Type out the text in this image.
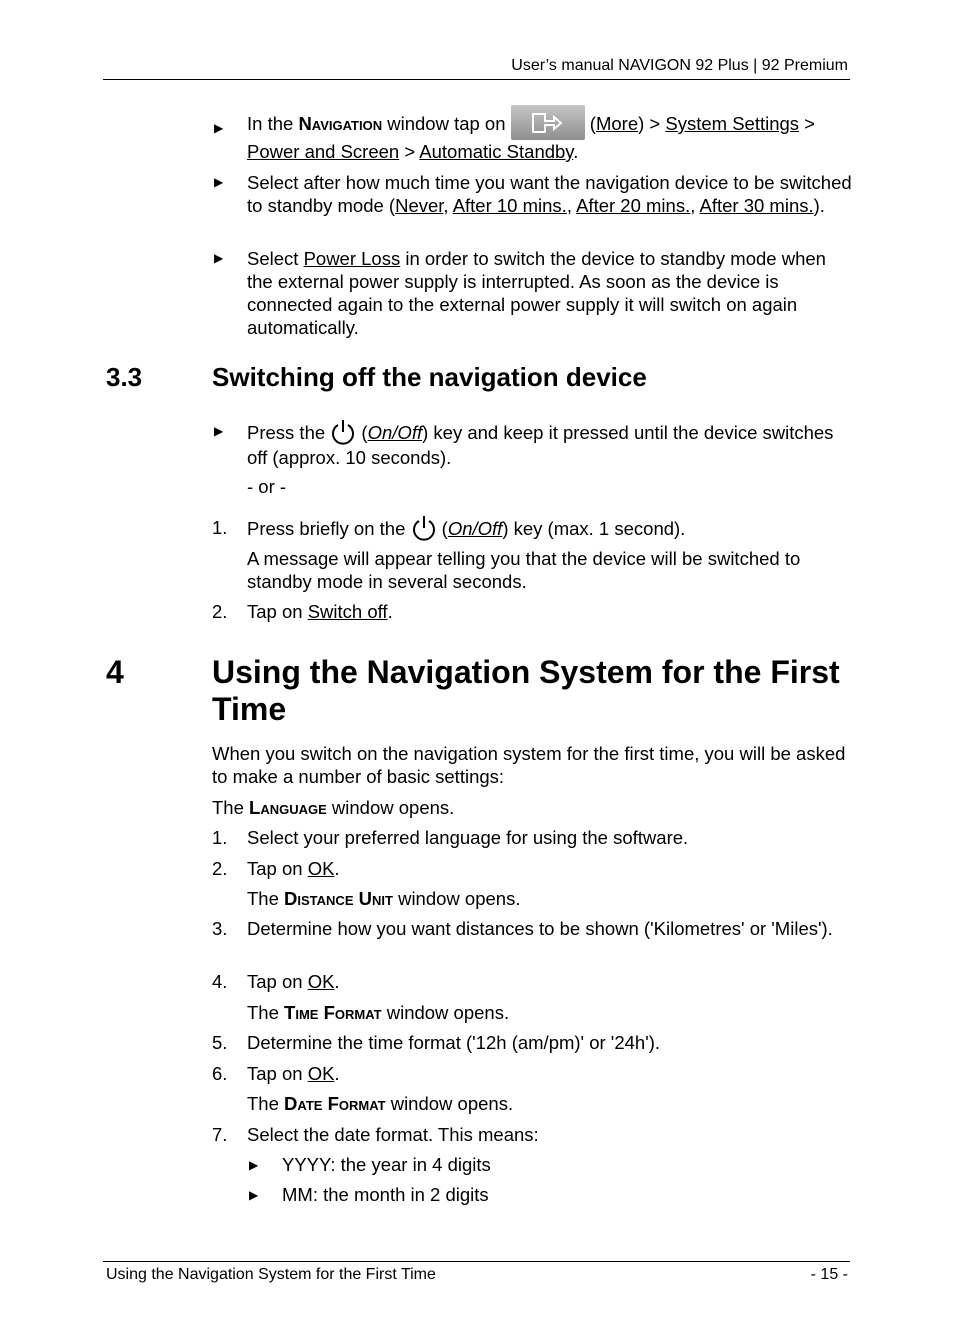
User’s manual NAVIGON 92 Plus | 92 Premium
▶ In the Navigation window tap on	(More) > System Settings > Power and Screen > Automatic Standby.
▶ Select after how much time you want the navigation device to be switched to standby mode (Never, After 10 mins., After 20 mins., After 30 mins.).
▶ Select Power Loss in order to switch the device to standby mode when the external power supply is interrupted. As soon as the device is connected again to the external power supply it will switch on again automatically.
3.3	Switching off the navigation device
▶ Press the  (On/Off) key and keep it pressed until the device switches off (approx. 10 seconds).
- or -
1. Press briefly on the  (On/Off) key (max. 1 second).
A message will appear telling you that the device will be switched to standby mode in several seconds.
2. Tap on Switch off.
4	Using the Navigation System for the First Time
When you switch on the navigation system for the first time, you will be asked to make a number of basic settings:
The Language window opens.
1. Select your preferred language for using the software.
2. Tap on OK.
The Distance Unit window opens.
3. Determine how you want distances to be shown ('Kilometres' or 'Miles').
4. Tap on OK.
The Time Format window opens.
5. Determine the time format ('12h (am/pm)' or '24h').
6. Tap on OK.
The Date Format window opens.
7. Select the date format. This means:
▶ YYYY: the year in 4 digits
▶ MM: the month in 2 digits
Using the Navigation System for the First Time	- 15 -
